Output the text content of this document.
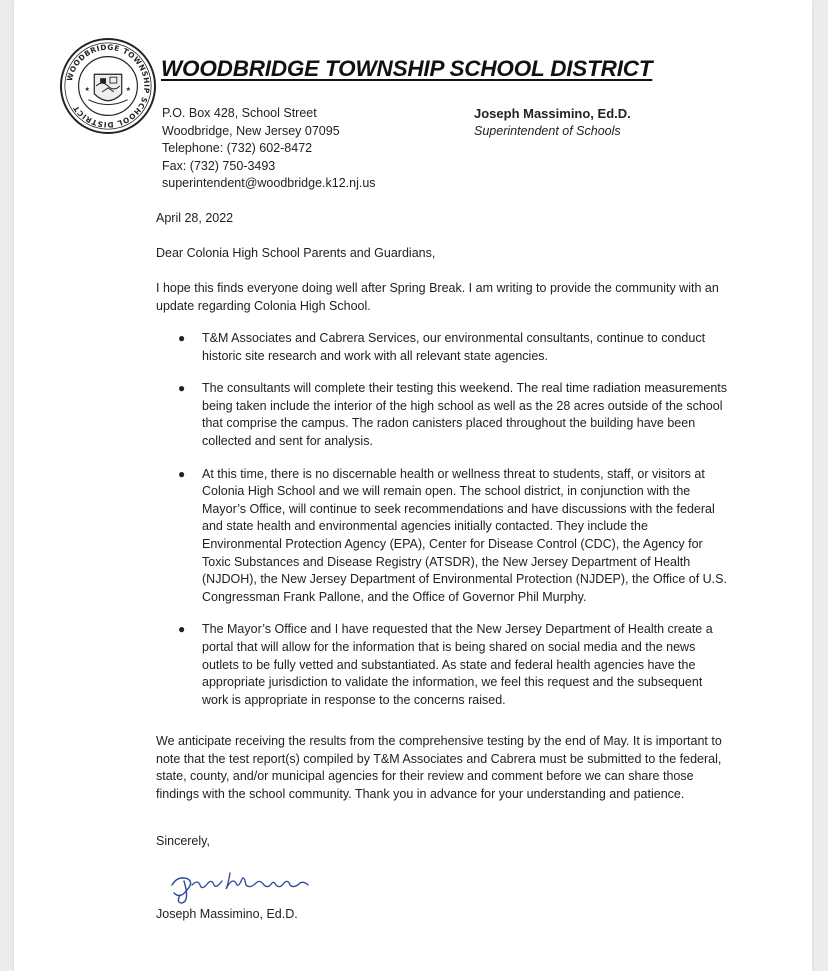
WOODBRIDGE TOWNSHIP SCHOOL DISTRICT
★	★
WOODBRIDGE TOWNSHIP SCHOOL DISTRICT
P.O. Box 428, School Street
Woodbridge, New Jersey 07095
Telephone: (732) 602-8472
Fax: (732) 750-3493
superintendent@woodbridge.k12.nj.us
Joseph Massimino, Ed.D.
Superintendent of Schools
April 28, 2022
Dear Colonia High School Parents and Guardians,
I hope this finds everyone doing well after Spring Break. I am writing to provide the community with an update regarding Colonia High School.
● T&M Associates and Cabrera Services, our environmental consultants, continue to conduct historic site research and work with all relevant state agencies.
● The consultants will complete their testing this weekend. The real time radiation measurements being taken include the interior of the high school as well as the 28 acres outside of the school that comprise the campus. The radon canisters placed throughout the building have been collected and sent for analysis.
● At this time, there is no discernable health or wellness threat to students, staff, or visitors at Colonia High School and we will remain open. The school district, in conjunction with the Mayor’s Office, will continue to seek recommendations and have discussions with the federal and state health and environmental agencies initially contacted. They include the Environmental Protection Agency (EPA), Center for Disease Control (CDC), the Agency for Toxic Substances and Disease Registry (ATSDR), the New Jersey Department of Health (NJDOH), the New Jersey Department of Environmental Protection (NJDEP), the Office of U.S. Congressman Frank Pallone, and the Office of Governor Phil Murphy.
● The Mayor’s Office and I have requested that the New Jersey Department of Health create a portal that will allow for the information that is being shared on social media and the news outlets to be fully vetted and substantiated. As state and federal health agencies have the appropriate jurisdiction to validate the information, we feel this request and the subsequent work is appropriate in response to the concerns raised.
We anticipate receiving the results from the comprehensive testing by the end of May. It is important to note that the test report(s) compiled by T&M Associates and Cabrera must be submitted to the federal, state, county, and/or municipal agencies for their review and comment before we can share those findings with the school community. Thank you in advance for your understanding and patience.
Sincerely,
Joseph Massimino, Ed.D.
